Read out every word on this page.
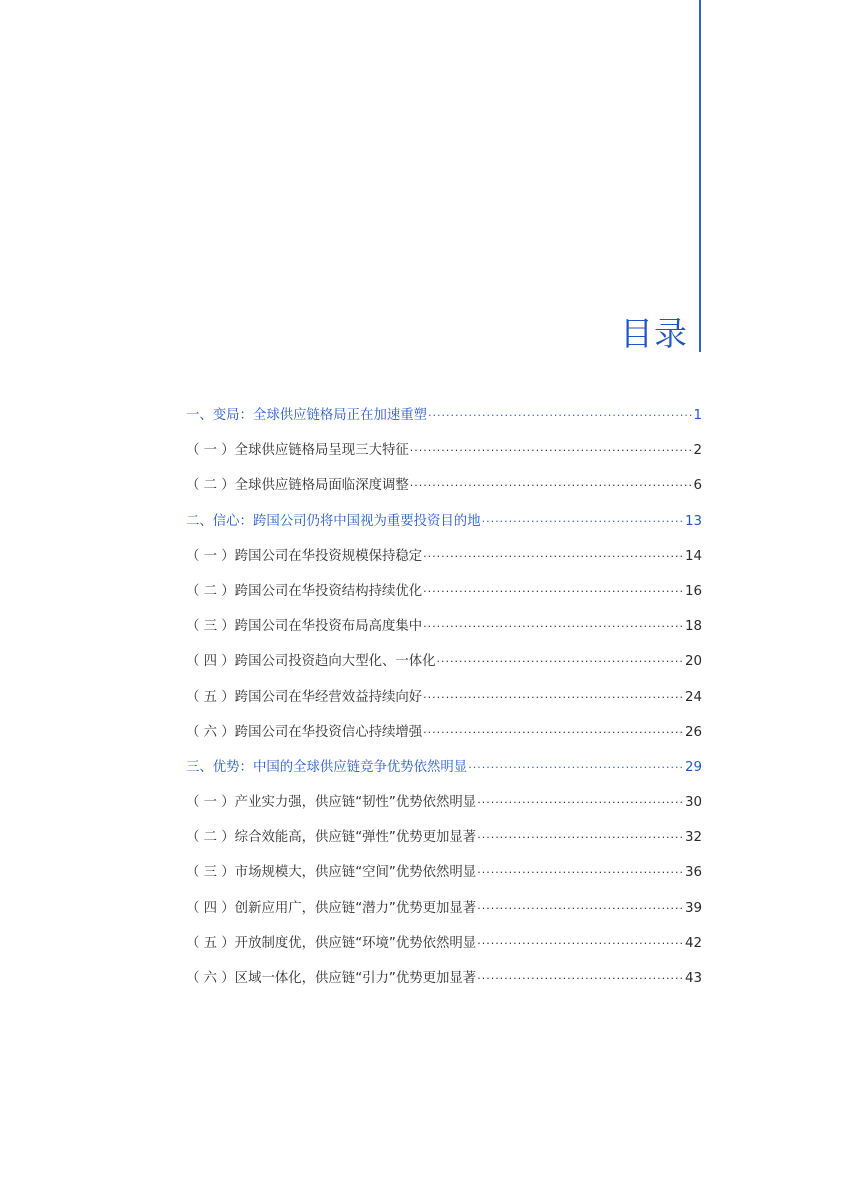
目录
一、变局：全球供应链格局正在加速重塑 ·····	1
（ 一 ）全球供应链格局呈现三大特征 ·····	2
（ 二 ）全球供应链格局面临深度调整 ·····	6
二、信心：跨国公司仍将中国视为重要投资目的地 ·····	13
（ 一 ）跨国公司在华投资规模保持稳定 ·····	14
（ 二 ）跨国公司在华投资结构持续优化 ·····	16
（ 三 ）跨国公司在华投资布局高度集中 ·····	18
（ 四 ）跨国公司投资趋向大型化、一体化 ·····	20
（ 五 ）跨国公司在华经营效益持续向好 ·····	24
（ 六 ）跨国公司在华投资信心持续增强 ·····	26
三、优势：中国的全球供应链竞争优势依然明显 ·····	29
（ 一 ）产业实力强，供应链“韧性”优势依然明显 ·····	30
（ 二 ）综合效能高，供应链“弹性”优势更加显著 ·····	32
（ 三 ）市场规模大，供应链“空间”优势依然明显 ·····	36
（ 四 ）创新应用广，供应链“潜力”优势更加显著 ·····	39
（ 五 ）开放制度优，供应链“环境”优势依然明显 ·····	42
（ 六 ）区域一体化，供应链“引力”优势更加显著 ·····	43
